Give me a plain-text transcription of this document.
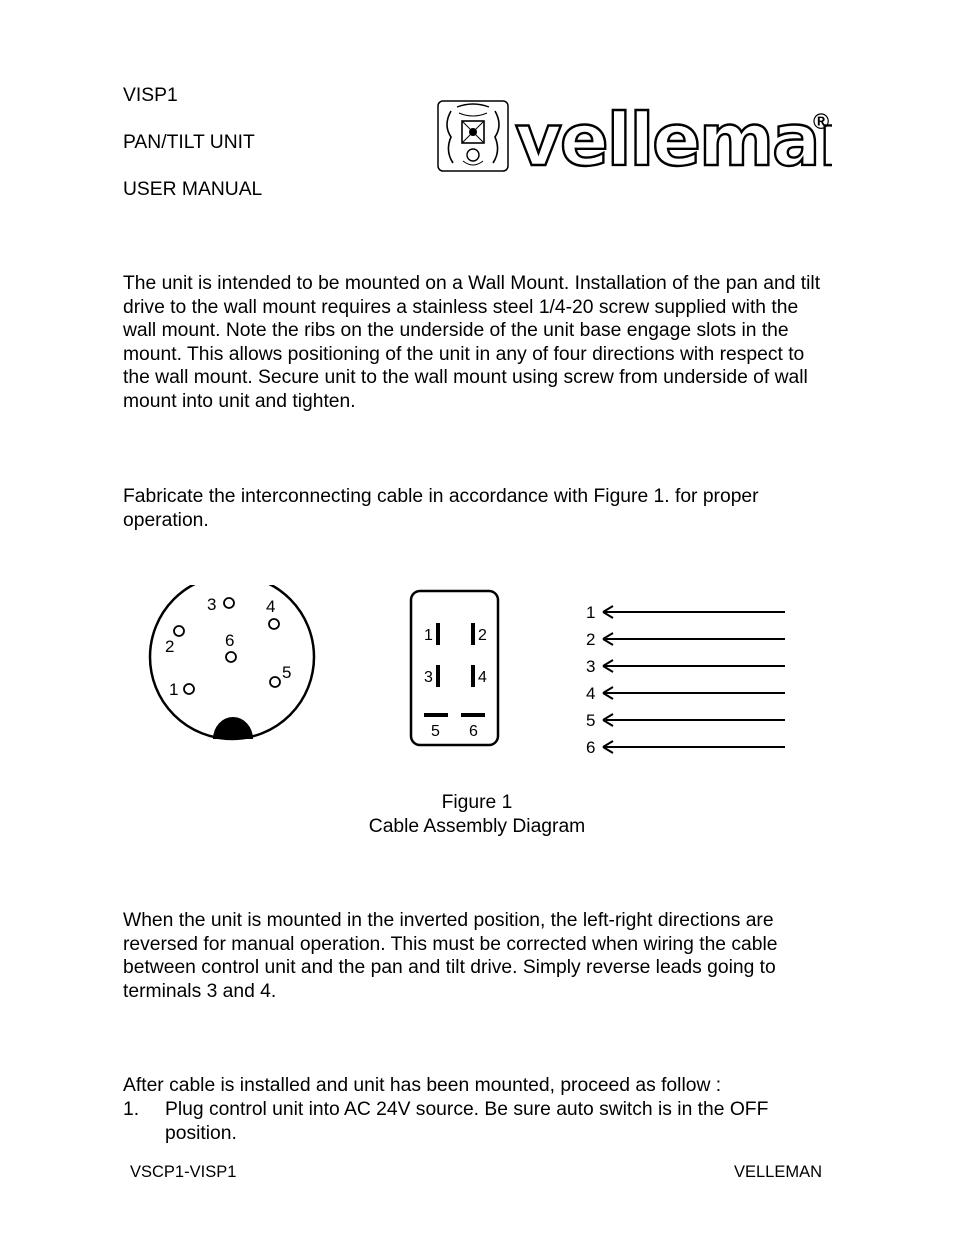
VISP1
PAN/TILT UNIT
USER MANUAL
vellema
®

The unit is intended to be mounted on a Wall Mount. Installation of the pan and tilt drive to the wall mount requires a stainless steel 1/4-20 screw supplied with the wall mount. Note the ribs on the underside of the unit base engage slots in the mount. This allows positioning of the unit in any of four directions with respect to the wall mount. Secure unit to the wall mount using screw from underside of wall mount into unit and tighten.

Fabricate the interconnecting cable in accordance with Figure 1. for proper operation.

3	4
2	6
5
1
1	2
3	4
5 6
1
2
3
4
5
6
Figure 1
Cable Assembly Diagram

When the unit is mounted in the inverted position, the left-right directions are reversed for manual operation. This must be corrected when wiring the cable between control unit and the pan and tilt drive. Simply reverse leads going to terminals 3 and 4.

After cable is installed and unit has been mounted, proceed as follow :

1. Plug control unit into AC 24V source. Be sure auto switch is in the OFF position.
VSCP1-VISP1	VELLEMAN
